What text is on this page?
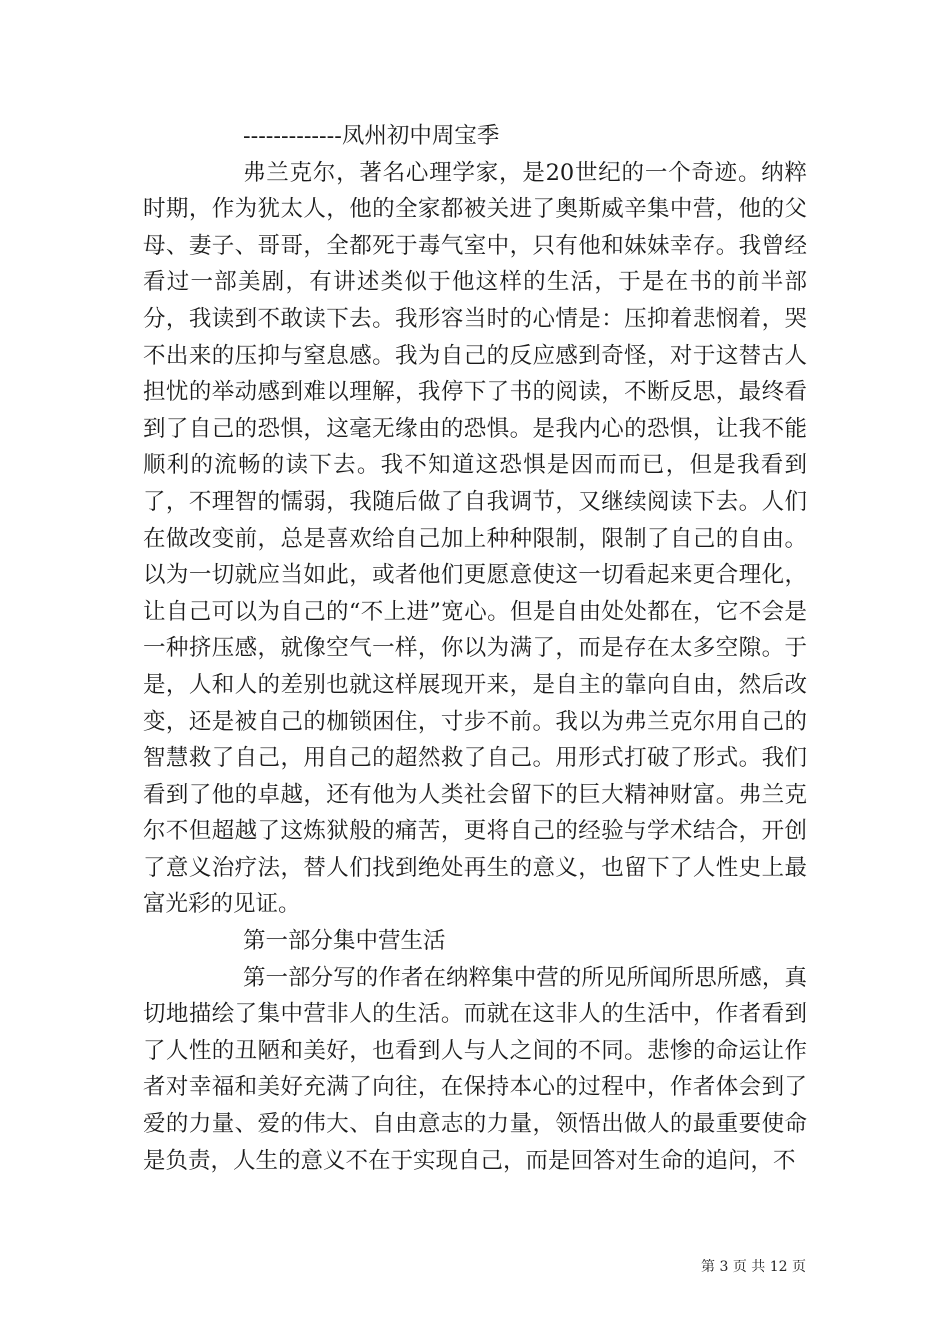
-------------凤州初中周宝季

弗兰克尔，著名心理学家，是20世纪的一个奇迹。纳粹时期，作为犹太人，他的全家都被关进了奥斯威辛集中营，他的父母、妻子、哥哥，全都死于毒气室中，只有他和妹妹幸存。我曾经看过一部美剧，有讲述类似于他这样的生活，于是在书的前半部分，我读到不敢读下去。我形容当时的心情是：压抑着悲悯着，哭不出来的压抑与窒息感。我为自己的反应感到奇怪，对于这替古人担忧的举动感到难以理解，我停下了书的阅读，不断反思，最终看到了自己的恐惧，这毫无缘由的恐惧。是我内心的恐惧，让我不能顺利的流畅的读下去。我不知道这恐惧是因而而已，但是我看到了，不理智的懦弱，我随后做了自我调节，又继续阅读下去。人们在做改变前，总是喜欢给自己加上种种限制，限制了自己的自由。以为一切就应当如此，或者他们更愿意使这一切看起来更合理化，让自己可以为自己的“不上进”宽心。但是自由处处都在，它不会是一种挤压感，就像空气一样，你以为满了，而是存在太多空隙。于是，人和人的差别也就这样展现开来，是自主的靠向自由，然后改变，还是被自己的枷锁困住，寸步不前。我以为弗兰克尔用自己的智慧救了自己，用自己的超然救了自己。用形式打破了形式。我们看到了他的卓越，还有他为人类社会留下的巨大精神财富。弗兰克尔不但超越了这炼狱般的痛苦，更将自己的经验与学术结合，开创了意义治疗法，替人们找到绝处再生的意义，也留下了人性史上最富光彩的见证。

第一部分集中营生活

第一部分写的作者在纳粹集中营的所见所闻所思所感，真切地描绘了集中营非人的生活。而就在这非人的生活中，作者看到了人性的丑陋和美好，也看到人与人之间的不同。悲惨的命运让作者对幸福和美好充满了向往，在保持本心的过程中，作者体会到了爱的力量、爱的伟大、自由意志的力量，领悟出做人的最重要使命是负责，人生的意义不在于实现自己，而是回答对生命的追问，不

第 3 页 共 12 页
